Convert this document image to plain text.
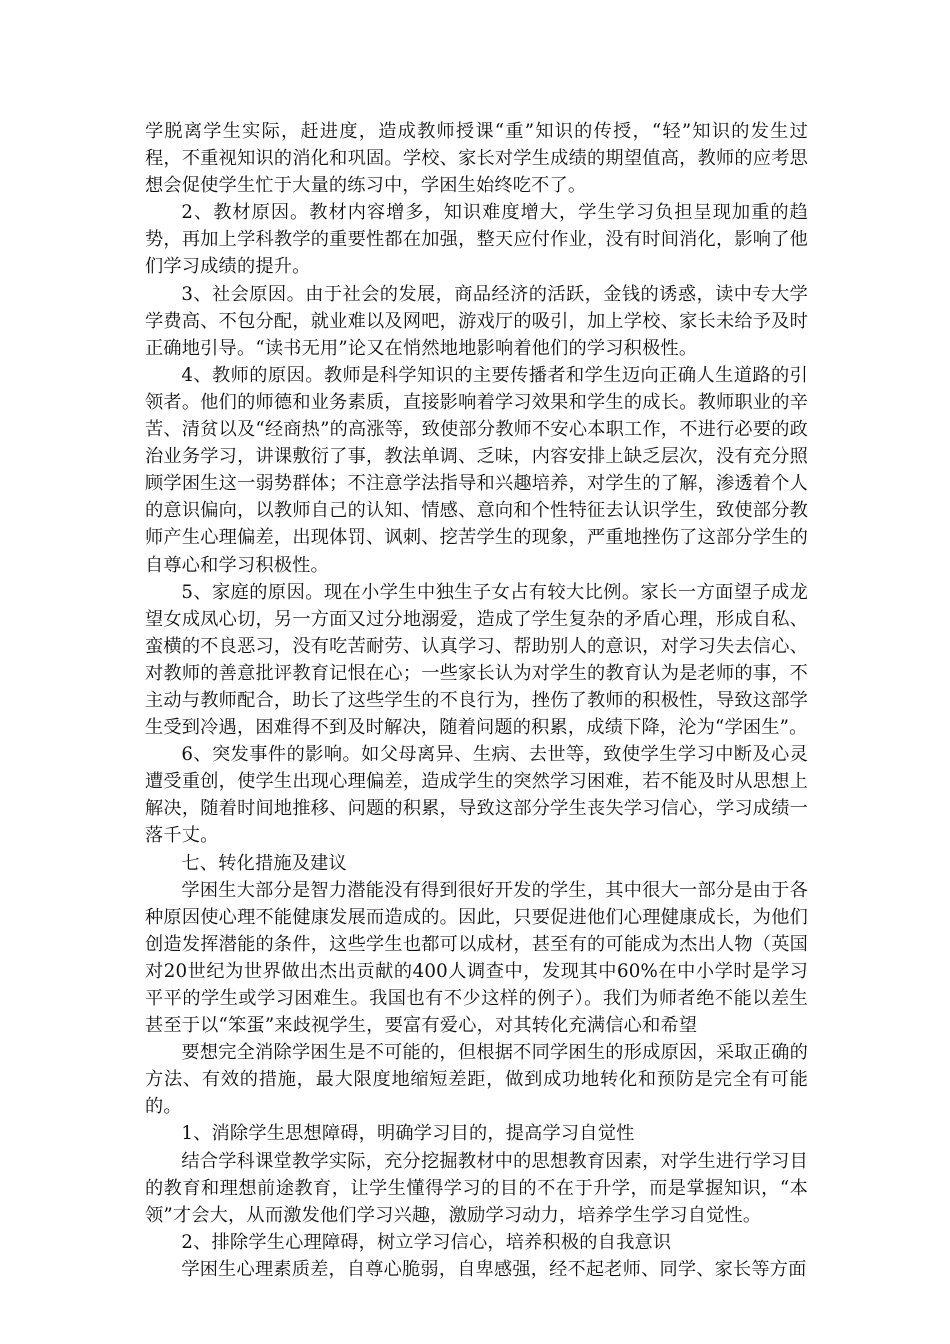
学脱离学生实际，赶进度，造成教师授课“重”知识的传授，“轻”知识的发生过程，不重视知识的消化和巩固。学校、家长对学生成绩的期望值高，教师的应考思想会促使学生忙于大量的练习中，学困生始终吃不了。

2、教材原因。教材内容增多，知识难度增大，学生学习负担呈现加重的趋势，再加上学科教学的重要性都在加强，整天应付作业，没有时间消化，影响了他们学习成绩的提升。

3、社会原因。由于社会的发展，商品经济的活跃，金钱的诱惑，读中专大学学费高、不包分配，就业难以及网吧，游戏厅的吸引，加上学校、家长未给予及时正确地引导。“读书无用”论又在悄然地地影响着他们的学习积极性。

4、教师的原因。教师是科学知识的主要传播者和学生迈向正确人生道路的引领者。他们的师德和业务素质，直接影响着学习效果和学生的成长。教师职业的辛苦、清贫以及“经商热”的高涨等，致使部分教师不安心本职工作，不进行必要的政治业务学习，讲课敷衍了事，教法单调、乏味，内容安排上缺乏层次，没有充分照顾学困生这一弱势群体；不注意学法指导和兴趣培养，对学生的了解，渗透着个人的意识偏向，以教师自己的认知、情感、意向和个性特征去认识学生，致使部分教师产生心理偏差，出现体罚、讽刺、挖苦学生的现象，严重地挫伤了这部分学生的自尊心和学习积极性。

5、家庭的原因。现在小学生中独生子女占有较大比例。家长一方面望子成龙望女成凤心切，另一方面又过分地溺爱，造成了学生复杂的矛盾心理，形成自私、蛮横的不良恶习，没有吃苦耐劳、认真学习、帮助别人的意识，对学习失去信心、对教师的善意批评教育记恨在心；一些家长认为对学生的教育认为是老师的事，不主动与教师配合，助长了这些学生的不良行为，挫伤了教师的积极性，导致这部学生受到冷遇，困难得不到及时解决，随着问题的积累，成绩下降，沦为“学困生”。

6、突发事件的影响。如父母离异、生病、去世等，致使学生学习中断及心灵遭受重创，使学生出现心理偏差，造成学生的突然学习困难，若不能及时从思想上解决，随着时间地推移、问题的积累，导致这部分学生丧失学习信心，学习成绩一落千丈。

七、转化措施及建议

学困生大部分是智力潜能没有得到很好开发的学生，其中很大一部分是由于各种原因使心理不能健康发展而造成的。因此，只要促进他们心理健康成长，为他们创造发挥潜能的条件，这些学生也都可以成材，甚至有的可能成为杰出人物（英国对20世纪为世界做出杰出贡献的400人调查中，发现其中60%在中小学时是学习平平的学生或学习困难生。我国也有不少这样的例子）。我们为师者绝不能以差生甚至于以“笨蛋”来歧视学生，要富有爱心，对其转化充满信心和希望

要想完全消除学困生是不可能的，但根据不同学困生的形成原因，采取正确的方法、有效的措施，最大限度地缩短差距，做到成功地转化和预防是完全有可能的。

1、消除学生思想障碍，明确学习目的，提高学习自觉性

结合学科课堂教学实际，充分挖掘教材中的思想教育因素，对学生进行学习目的教育和理想前途教育，让学生懂得学习的目的不在于升学，而是掌握知识，“本领”才会大，从而激发他们学习兴趣，激励学习动力，培养学生学习自觉性。

2、排除学生心理障碍，树立学习信心，培养积极的自我意识

学困生心理素质差，自尊心脆弱，自卑感强，经不起老师、同学、家长等方面
